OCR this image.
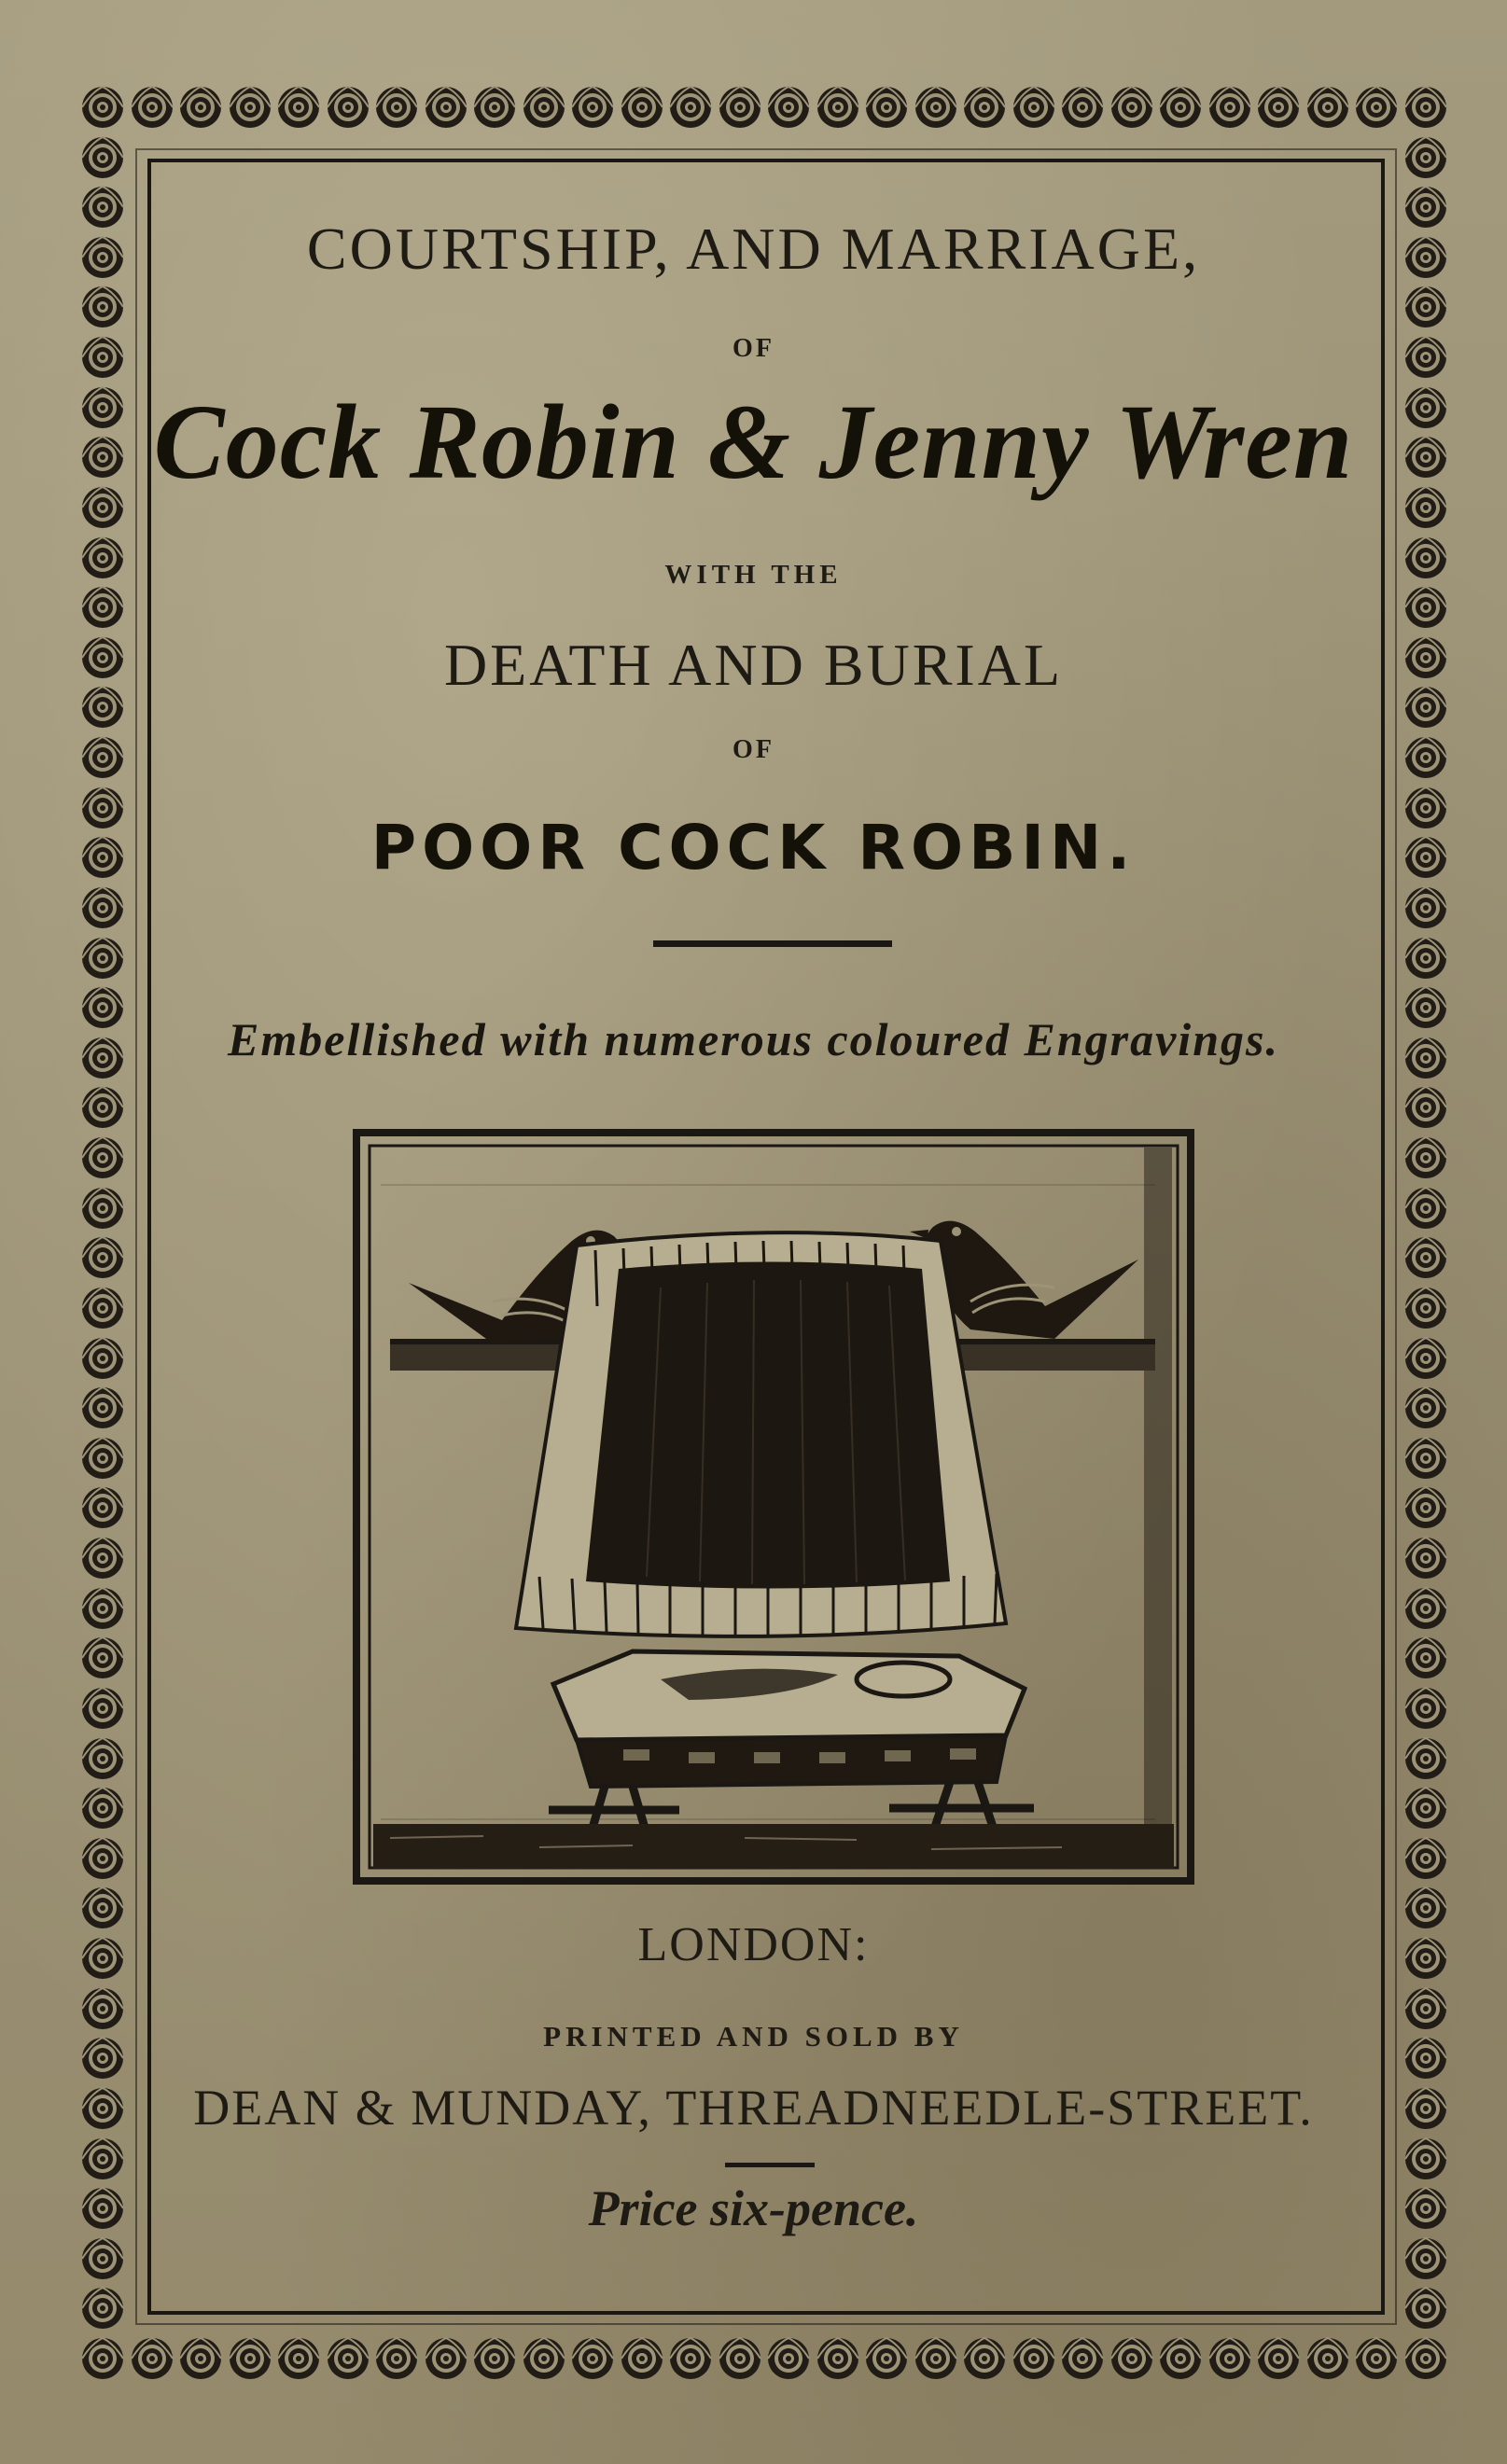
COURTSHIP, AND MARRIAGE,
OF
Cock Robin & Jenny Wren
WITH THE
DEATH AND BURIAL
OF
POOR COCK ROBIN.
Embellished with numerous coloured Engravings.
LONDON:
PRINTED AND SOLD BY
DEAN & MUNDAY, THREADNEEDLE-STREET.
Price six-pence.
